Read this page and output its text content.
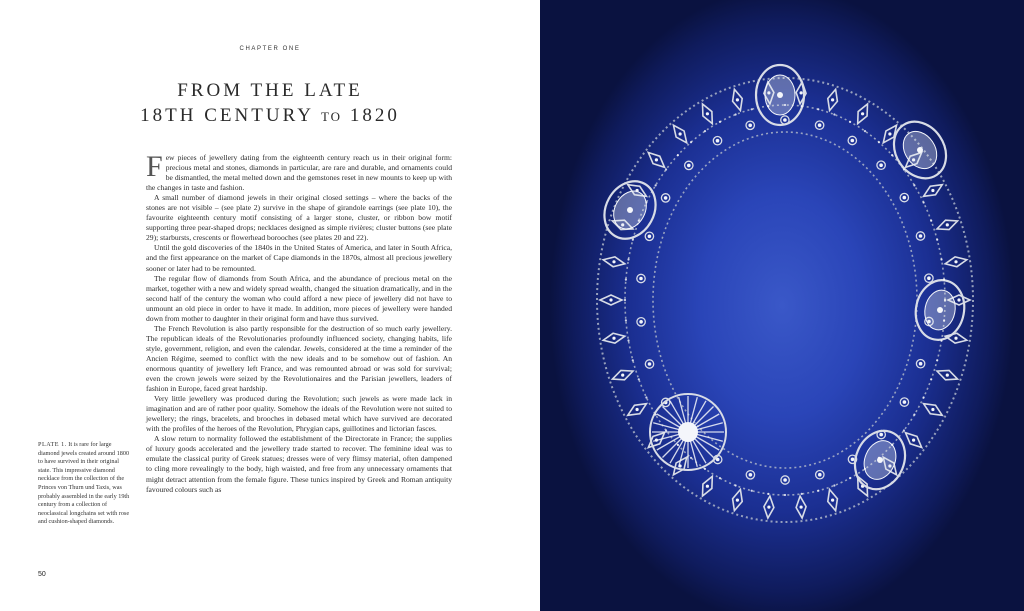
CHAPTER ONE
FROM THE LATE
18TH CENTURY TO 1820

Few pieces of jewellery dating from the eighteenth century reach us in their original form: precious metal and stones, diamonds in particular, are rare and durable, and ornaments could be dismantled, the metal melted down and the gemstones reset in new mounts to keep up with the changes in taste and fashion.

A small number of diamond jewels in their original closed settings – where the backs of the stones are not visible – (see plate 2) survive in the shape of girandole earrings (see plate 10), the favourite eighteenth century motif consisting of a larger stone, cluster, or ribbon bow motif supporting three pear-shaped drops; necklaces designed as simple rivières; cluster buttons (see plate 29); starbursts, crescents or flowerhead borooches (see plates 20 and 22).

Until the gold discoveries of the 1840s in the United States of America, and later in South Africa, and the first appearance on the market of Cape diamonds in the 1870s, almost all precious jewellery sooner or later had to be remounted.

The regular flow of diamonds from South Africa, and the abundance of precious metal on the market, together with a new and widely spread wealth, changed the situation dramatically, and in the second half of the century the woman who could afford a new piece of jewellery did not have to unmount an old piece in order to have it made. In addition, more pieces of jewellery were handed down from mother to daughter in their original form and have thus survived.

The French Revolution is also partly responsible for the destruction of so much early jewellery. The republican ideals of the Revolutionaries profoundly influenced society, changing habits, life style, government, religion, and even the calendar. Jewels, considered at the time a reminder of the Ancien Régime, seemed to conflict with the new ideals and to be somehow out of fashion. An enormous quantity of jewellery left France, and was remounted abroad or was sold for survival; even the crown jewels were seized by the Revolutionaires and the Parisian jewellers, leaders of fashion in Europe, faced great hardship.

Very little jewellery was produced during the Revolution; such jewels as were made lack in imagination and are of rather poor quality. Somehow the ideals of the Revolution were not suited to jewellery; the rings, bracelets, and brooches in debased metal which have survived are decorated with the profiles of the heroes of the Revolution, Phrygian caps, guillotines and lictorian fasces.

A slow return to normality followed the establishment of the Directorate in France; the supplies of luxury goods accelerated and the jewellery trade started to recover. The feminine ideal was to emulate the classical purity of Greek statues; dresses were of very flimsy material, often dampened to cling more revealingly to the body, high waisted, and free from any unnecessary ornaments that might detract attention from the female figure. These tunics inspired by Greek and Roman antiquity favoured colours such as

PLATE 1. It is rare for large diamond jewels created around 1800 to have survived in their original state. This impressive diamond necklace from the collection of the Princes von Thurn und Taxis, was probably assembled in the early 19th century from a collection of neoclassical longchains set with rose and cushion-shaped diamonds.
50
